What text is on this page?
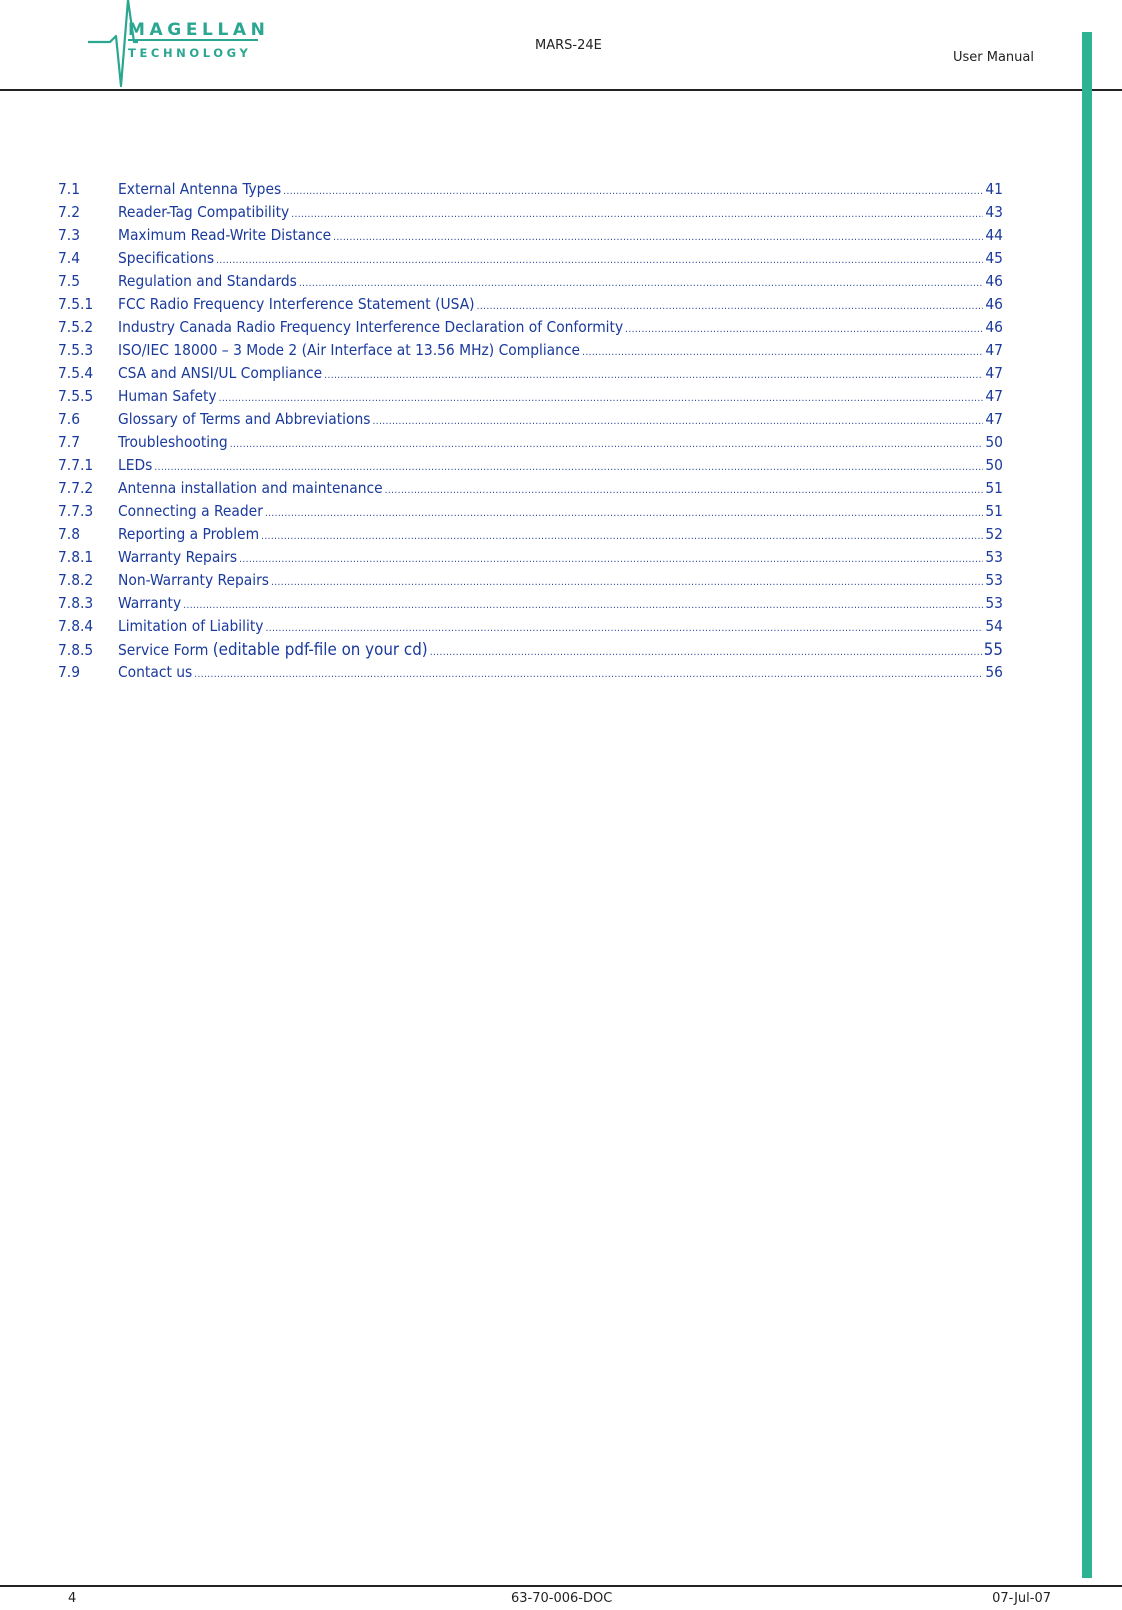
MAGELLAN
TECHNOLOGY	MARS-24E
User Manual
7.1	External Antenna Types .....	41
7.2	Reader-Tag Compatibility .....	43
7.3	Maximum Read-Write Distance .....	44
7.4	Specifications .....	45
7.5	Regulation and Standards .....	46
7.5.1	FCC Radio Frequency Interference Statement (USA) .....	46
7.5.2	Industry Canada Radio Frequency Interference Declaration of Conformity .....	46
7.5.3	ISO/IEC 18000 – 3 Mode 2 (Air Interface at 13.56 MHz) Compliance .....	47
7.5.4	CSA and ANSI/UL Compliance .....	47
7.5.5	Human Safety .....	47
7.6	Glossary of Terms and Abbreviations .....	47
7.7	Troubleshooting .....	50
7.7.1	LEDs .....	50
7.7.2	Antenna installation and maintenance .....	51
7.7.3	Connecting a Reader .....	51
7.8	Reporting a Problem .....	52
7.8.1	Warranty Repairs .....	53
7.8.2	Non-Warranty Repairs .....	53
7.8.3	Warranty .....	53
7.8.4	Limitation of Liability .....	54
7.8.5	Service Form (editable pdf-file on your cd) .....	55
7.9	Contact us .....	56
4	63-70-006-DOC	07-Jul-07
